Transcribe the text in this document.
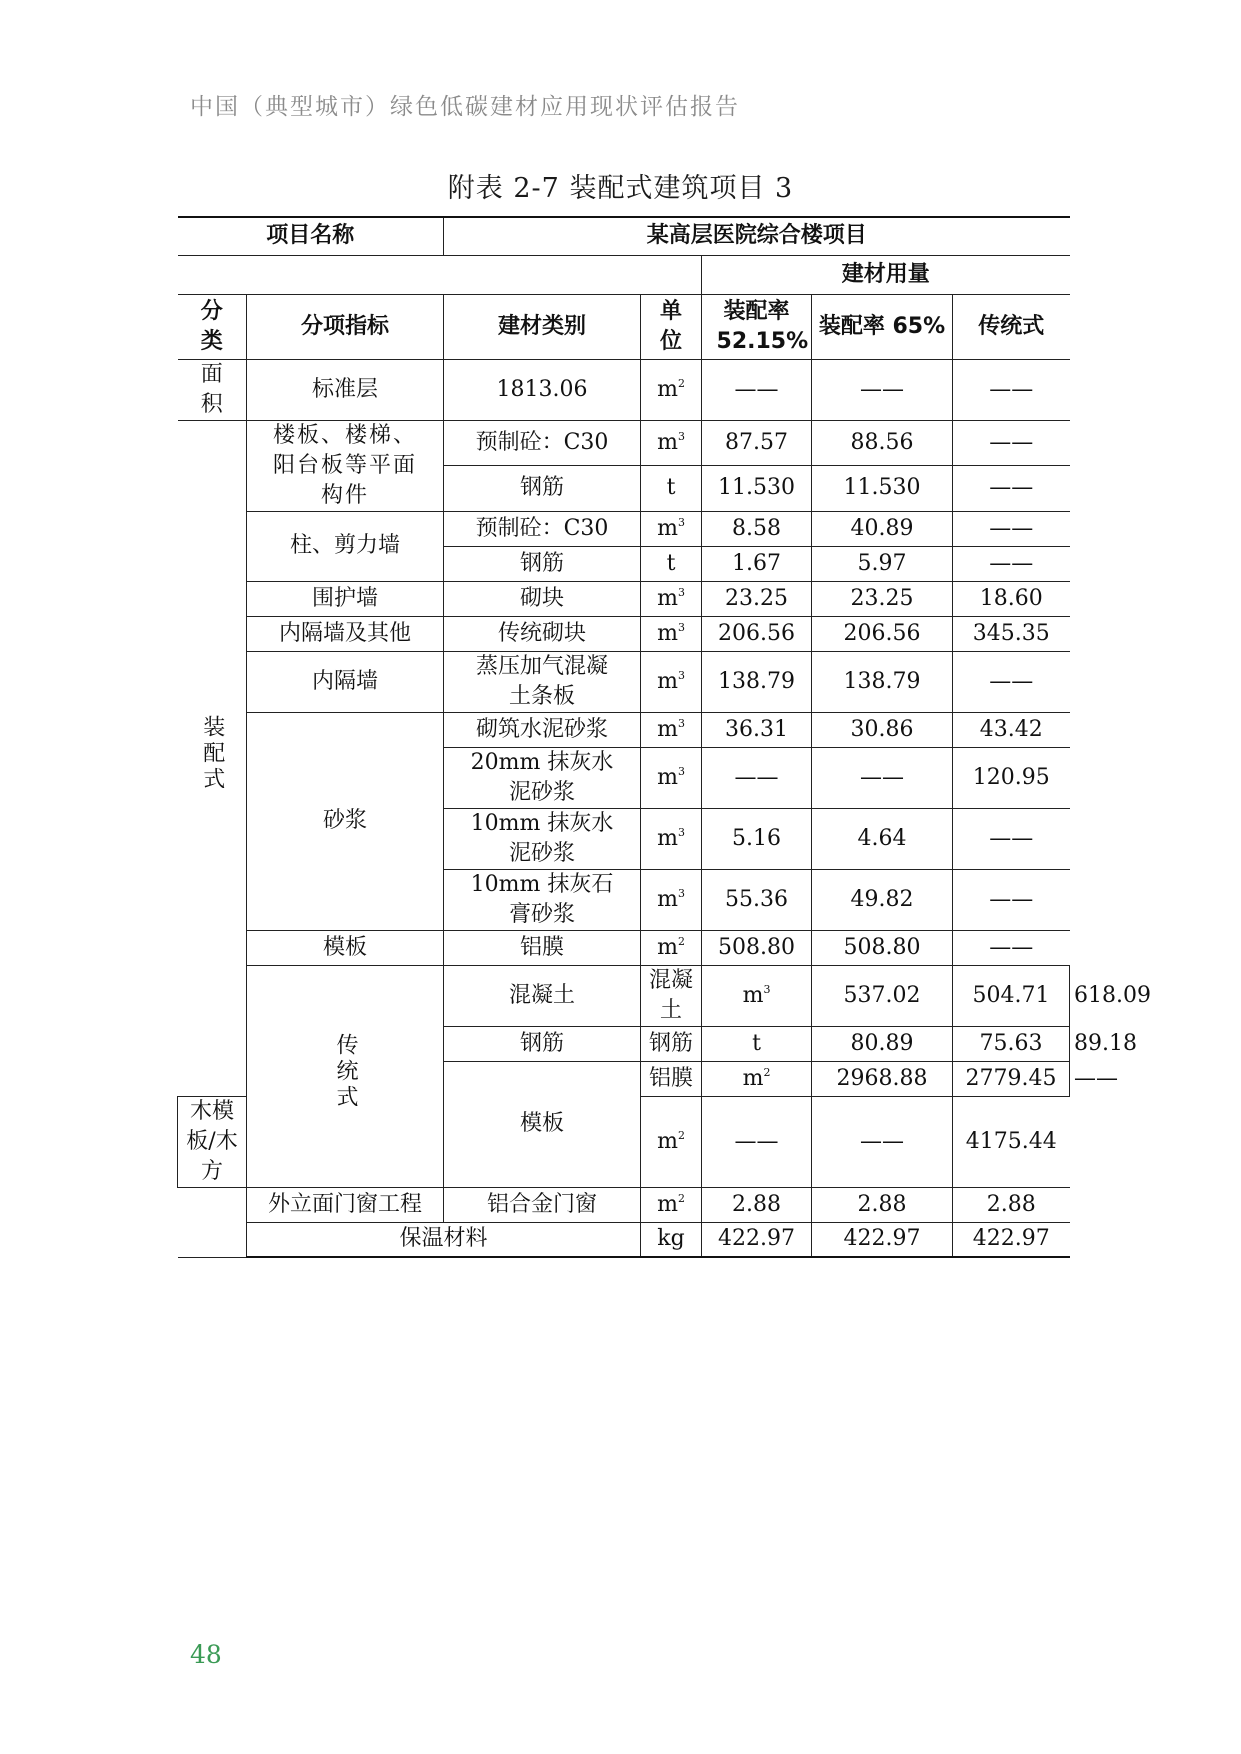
中国（典型城市）绿色低碳建材应用现状评估报告
附表 2-7 装配式建筑项目 3
项目名称		某高层医院综合楼项目					
				建材用量			

分类	分项指标	建材类别	单位	装配率 52.15%	装配率 65%	传统式	

面积	标准层	1813.06	$m^2$	——	——	——	
装配式	楼板、楼梯、阳台板等平面构件	预制砼：C30	$m^3$	87.57	88.56	——	
		钢筋	t	11.530	11.530	——	
	柱、剪力墙	预制砼：C30	$m^3$	8.58	40.89	——	
		钢筋	t	1.67	5.97	——	
	围护墙	砌块	$m^3$	23.25	23.25	18.60	
	内隔墙及其他	传统砌块	$m^3$	206.56	206.56	345.35	
	内隔墙	蒸压加气混凝土条板	$m^3$	138.79	138.79	——	
	砂浆	砌筑水泥砂浆	$m^3$	36.31	30.86	43.42	

		20mm 抹灰水泥砂浆	$m^3$	——	——	120.95	

		10mm 抹灰水泥砂浆	$m^3$	5.16	4.64	——	

		10mm 抹灰石膏砂浆	$m^3$	55.36	49.82	——	
	模板	铝膜	$m^2$	508.80	508.80	——	
	传统式	混凝土	混凝土	$m^3$	537.02	504.71	618.09
		钢筋	钢筋	t	80.89	75.63	89.18
		模板	铝膜	$m^2$	2968.88	2779.45	——
木模板/木方			$m^2$	——	——	4175.44	
	外立面门窗工程	铝合金门窗	$m^2$	2.88	2.88	2.88	
	保温材料		kg	422.97	422.97	422.97	
48
